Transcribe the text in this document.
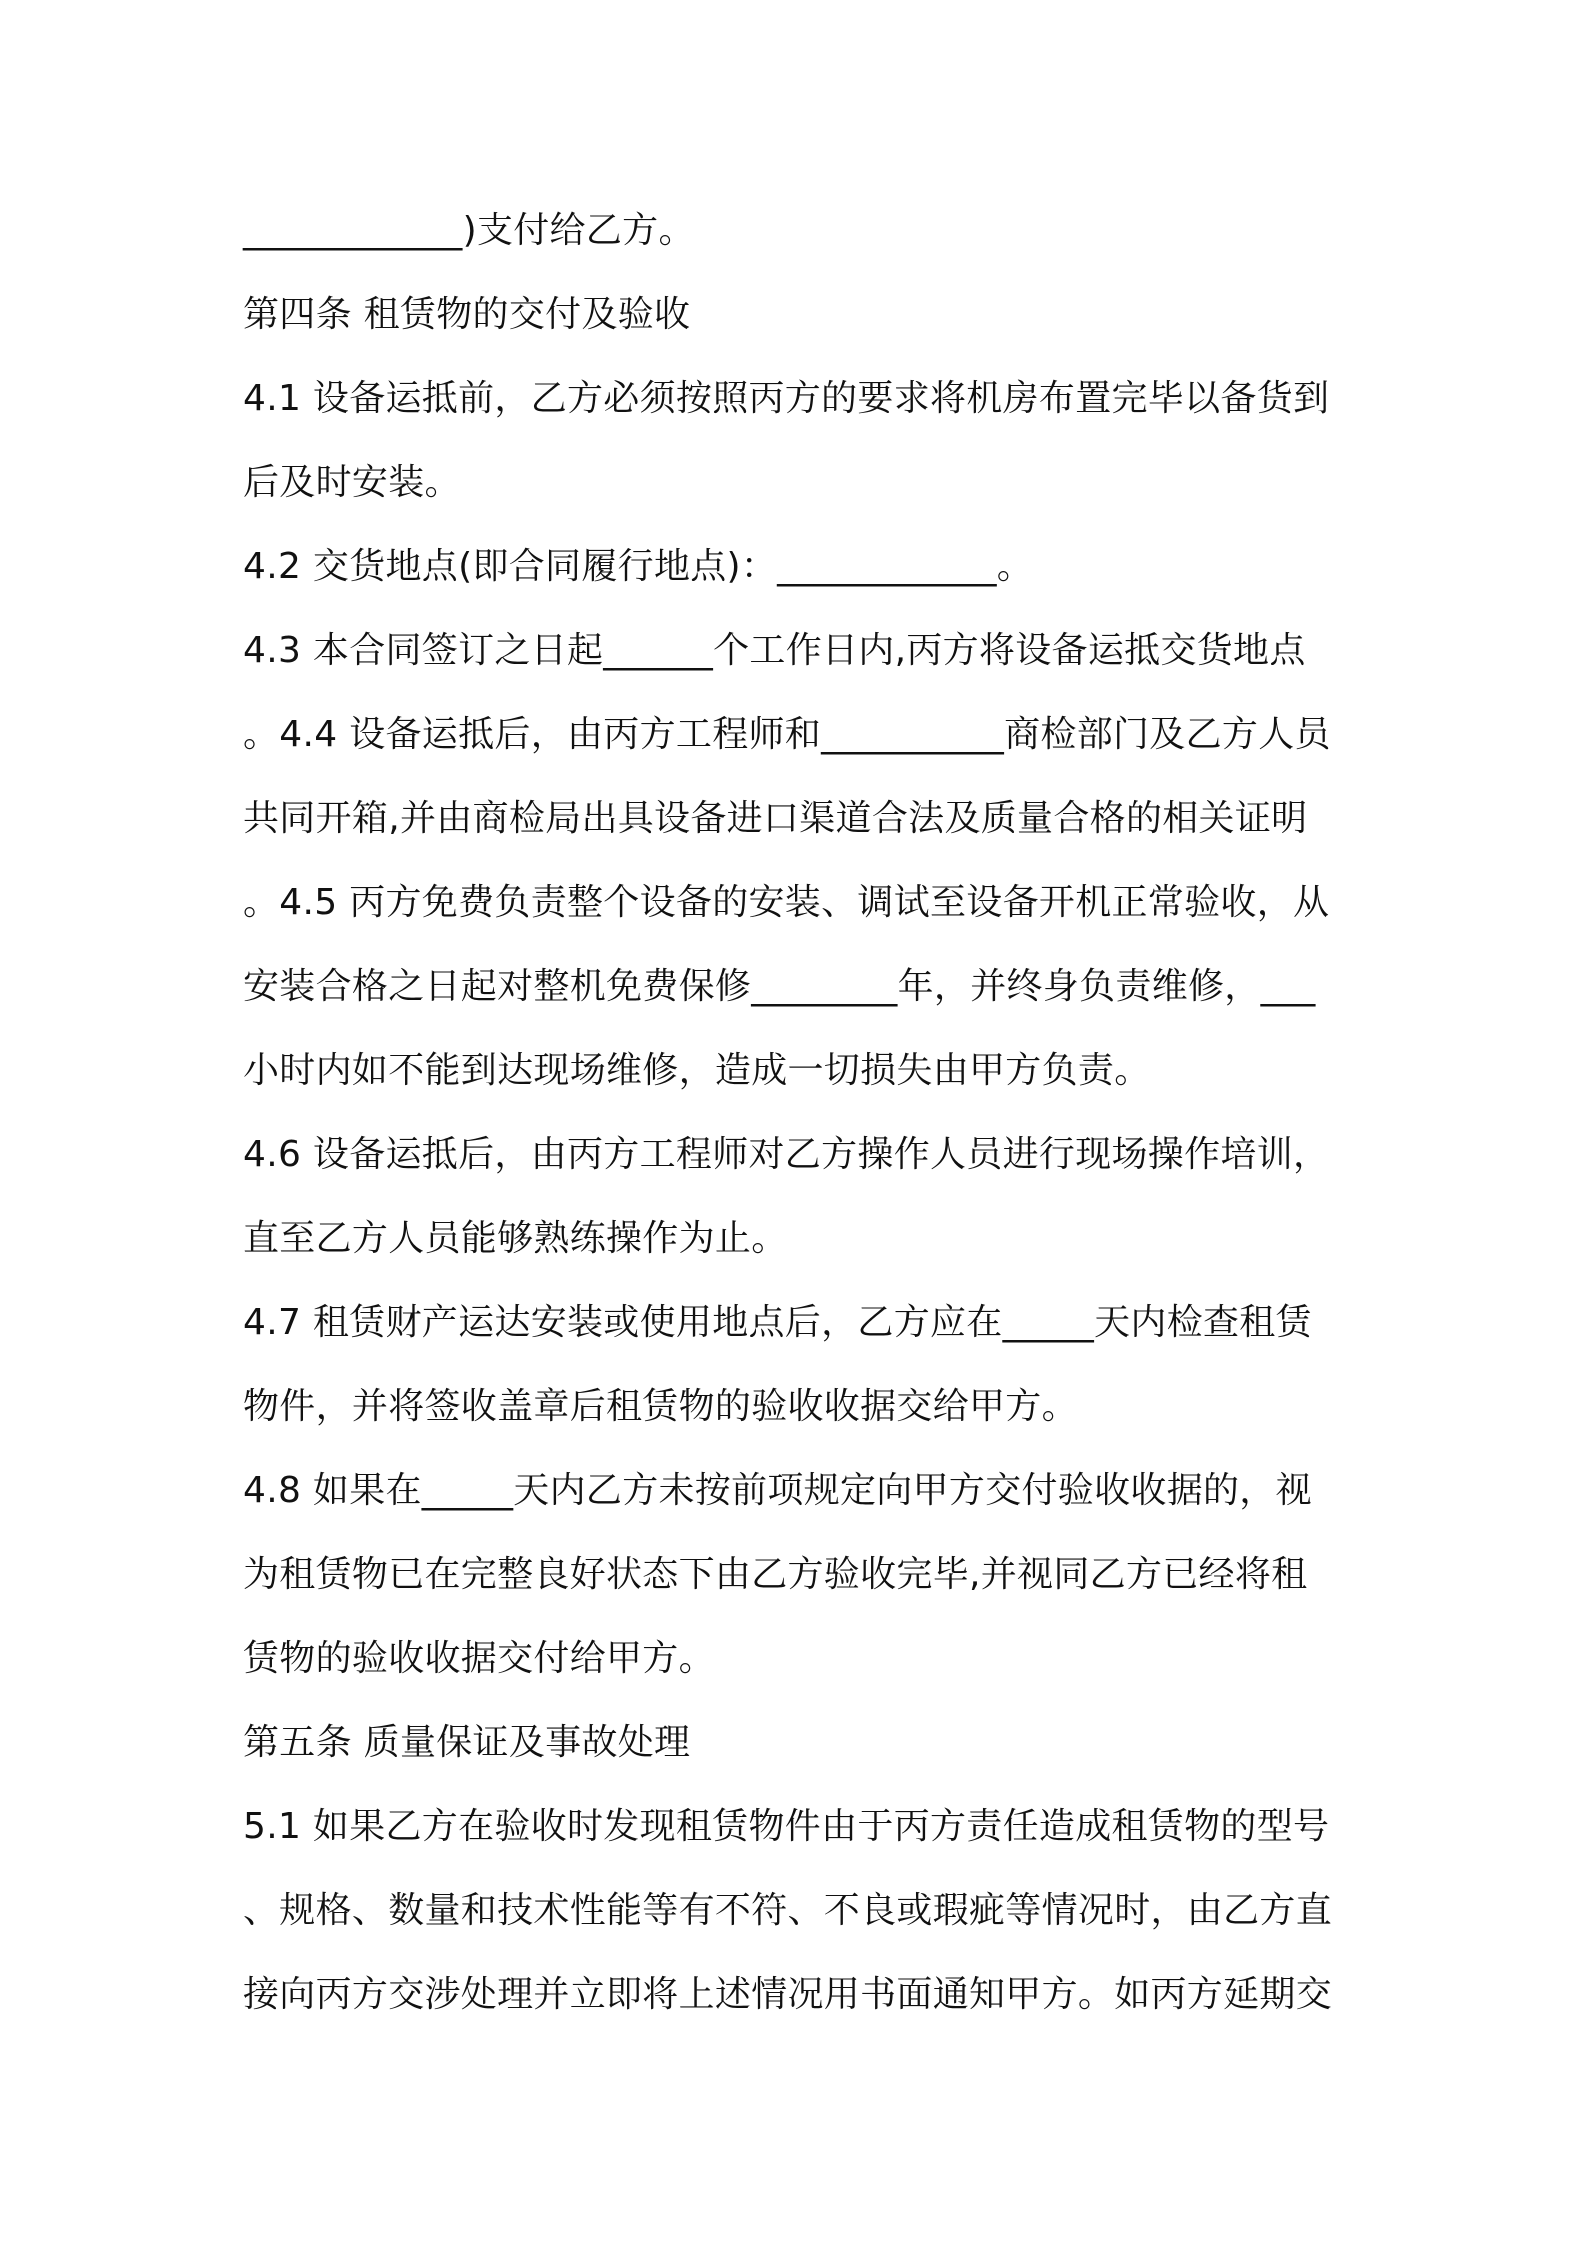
____________)支付给乙方。
第四条 租赁物的交付及验收
4.1 设备运抵前，乙方必须按照丙方的要求将机房布置完毕以备货到
后及时安装。
4.2 交货地点(即合同履行地点)：____________。
4.3 本合同签订之日起______个工作日内,丙方将设备运抵交货地点
。4.4 设备运抵后，由丙方工程师和__________商检部门及乙方人员
共同开箱,并由商检局出具设备进口渠道合法及质量合格的相关证明
。4.5 丙方免费负责整个设备的安装、调试至设备开机正常验收，从
安装合格之日起对整机免费保修________年，并终身负责维修，___
小时内如不能到达现场维修，造成一切损失由甲方负责。
4.6 设备运抵后，由丙方工程师对乙方操作人员进行现场操作培训，
直至乙方人员能够熟练操作为止。
4.7 租赁财产运达安装或使用地点后，乙方应在_____天内检查租赁
物件，并将签收盖章后租赁物的验收收据交给甲方。
4.8 如果在_____天内乙方未按前项规定向甲方交付验收收据的，视
为租赁物已在完整良好状态下由乙方验收完毕,并视同乙方已经将租
赁物的验收收据交付给甲方。
第五条 质量保证及事故处理
5.1 如果乙方在验收时发现租赁物件由于丙方责任造成租赁物的型号
、规格、数量和技术性能等有不符、不良或瑕疵等情况时，由乙方直
接向丙方交涉处理并立即将上述情况用书面通知甲方。如丙方延期交
